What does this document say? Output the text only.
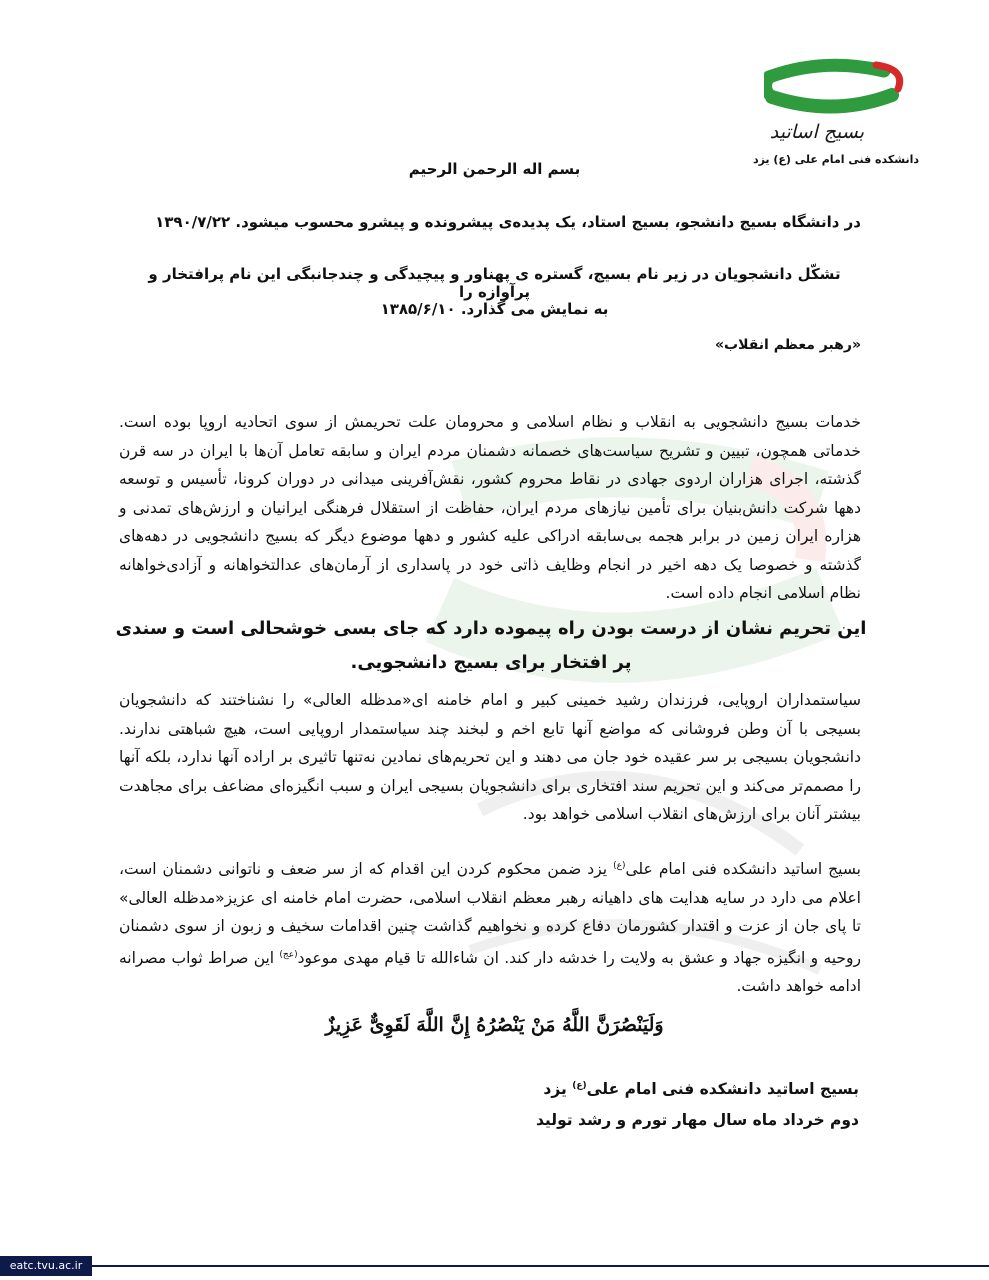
بسیج اساتید
دانشکده فنی امام علی (ع) یزد
بسم اله الرحمن الرحیم
در دانشگاه بسیج دانشجو، بسیج استاد، یک پدیده‌ی پیشرونده و پیشرو محسوب میشود. ۱۳۹۰/۷/۲۲
تشکّل دانشجویان در زیر نام بسیج، گستره ی پهناور و پیچیدگی و چندجانبگی این نام پرافتخار و پرآوازه را
به نمایش می گذارد. ۱۳۸۵/۶/۱۰
«رهبر معظم انقلاب»
خدمات بسیج دانشجویی به انقلاب و نظام اسلامی و محرومان علت تحریمش از سوی اتحادیه اروپا بوده است. خدماتی همچون، تبیین و تشریح سیاست‌های خصمانه دشمنان مردم ایران و سابقه تعامل آن‌ها با ایران در سه قرن گذشته، اجرای هزاران اردوی جهادی در نقاط محروم کشور، نقش‌آفرینی میدانی در دوران کرونا، تأسیس و توسعه دهها شرکت دانش‌بنیان برای تأمین نیازهای مردم ایران، حفاظت از استقلال فرهنگی ایرانیان و ارزش‌های تمدنی و هزاره ایران زمین در برابر هجمه بی‌سابقه ادراکی علیه کشور و دهها موضوع دیگر که بسیج دانشجویی در دهه‌های گذشته و خصوصا یک دهه اخیر در انجام وظایف ذاتی خود در پاسداری از آرمان‌های عدالتخواهانه و آزادی‌خواهانه نظام اسلامی انجام داده است.
این تحریم نشان از درست بودن راه پیموده دارد که جای بسی خوشحالی است و سندی پر افتخار برای بسیج دانشجویی.
سیاستمداران اروپایی، فرزندان رشید خمینی کبیر و امام خامنه ای«مدظله العالی» را نشناختند که دانشجویان بسیجی با آن وطن فروشانی که مواضع آنها تابع اخم و لبخند چند سیاستمدار اروپایی است، هیچ شباهتی ندارند. دانشجویان بسیجی بر سر عقیده خود جان می دهند و این تحریم‌های نمادین نه‌تنها تاثیری بر اراده آنها ندارد، بلکه آنها را مصمم‌تر می‌کند و این تحریم سند افتخاری برای دانشجویان بسیجی ایران و سبب انگیزه‌ای مضاعف برای مجاهدت بیشتر آنان برای ارزش‌های انقلاب اسلامی خواهد بود.
بسیج اساتید دانشکده فنی امام علی$^{(ع)}$ یزد ضمن محکوم کردن این اقدام که از سر ضعف و ناتوانی دشمنان است، اعلام می دارد در سایه هدایت های داهیانه رهبر معظم انقلاب اسلامی، حضرت امام خامنه ای عزیز«مدظله العالی» تا پای جان از عزت و اقتدار کشورمان دفاع کرده و نخواهیم گذاشت چنین اقدامات سخیف و زبون از سوی دشمنان روحیه و انگیزه جهاد و عشق به ولایت را خدشه دار کند. ان شاءالله تا قیام مهدی موعود$^{(عج)}$ این صراط ثواب مصرانه ادامه خواهد داشت.
وَلَیَنْصُرَنَّ اللَّهُ مَنْ یَنْصُرُهُ إِنَّ اللَّهَ لَقَوِیٌّ عَزِیزٌ
بسیج اساتید دانشکده فنی امام علی$^{(ع)}$ یزد
دوم خرداد ماه سال مهار تورم و رشد تولید
eatc.tvu.ac.ir
